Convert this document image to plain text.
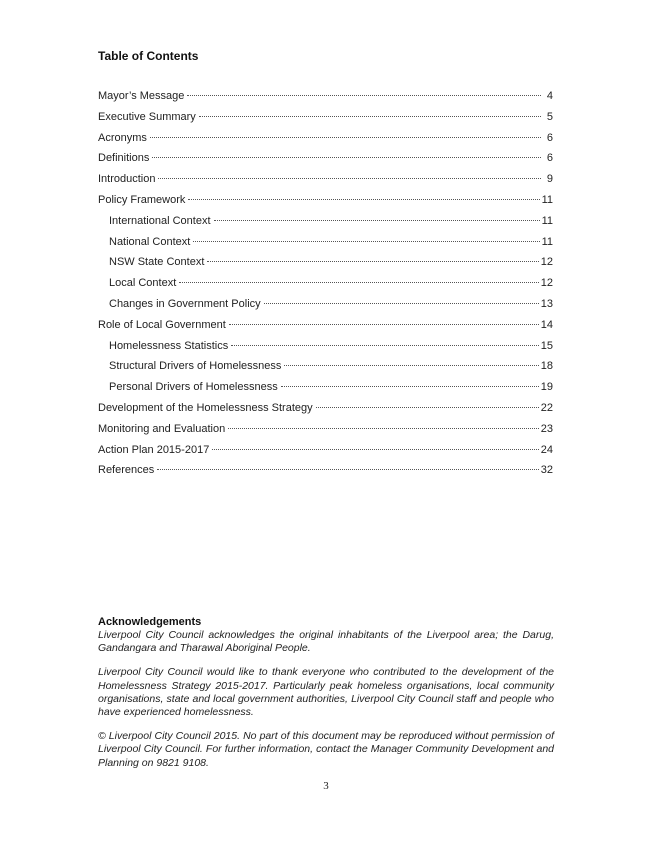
Table of Contents
Mayor’s Message	4
Executive Summary	5
Acronyms	6
Definitions	6
Introduction	9
Policy Framework	11
International Context	11
National Context	11
NSW State Context	12
Local Context	12
Changes in Government Policy	13
Role of Local Government	14
Homelessness Statistics	15
Structural Drivers of Homelessness	18
Personal Drivers of Homelessness	19
Development of the Homelessness Strategy	22
Monitoring and Evaluation	23
Action Plan 2015-2017	24
References	32
Acknowledgements

Liverpool City Council acknowledges the original inhabitants of the Liverpool area; the Darug, Gandangara and Tharawal Aboriginal People.

Liverpool City Council would like to thank everyone who contributed to the development of the Homelessness Strategy 2015-2017. Particularly peak homeless organisations, local community organisations, state and local government authorities, Liverpool City Council staff and people who have experienced homelessness.

© Liverpool City Council 2015. No part of this document may be reproduced without permission of Liverpool City Council. For further information, contact the Manager Community Development and Planning on 9821 9108.

3
